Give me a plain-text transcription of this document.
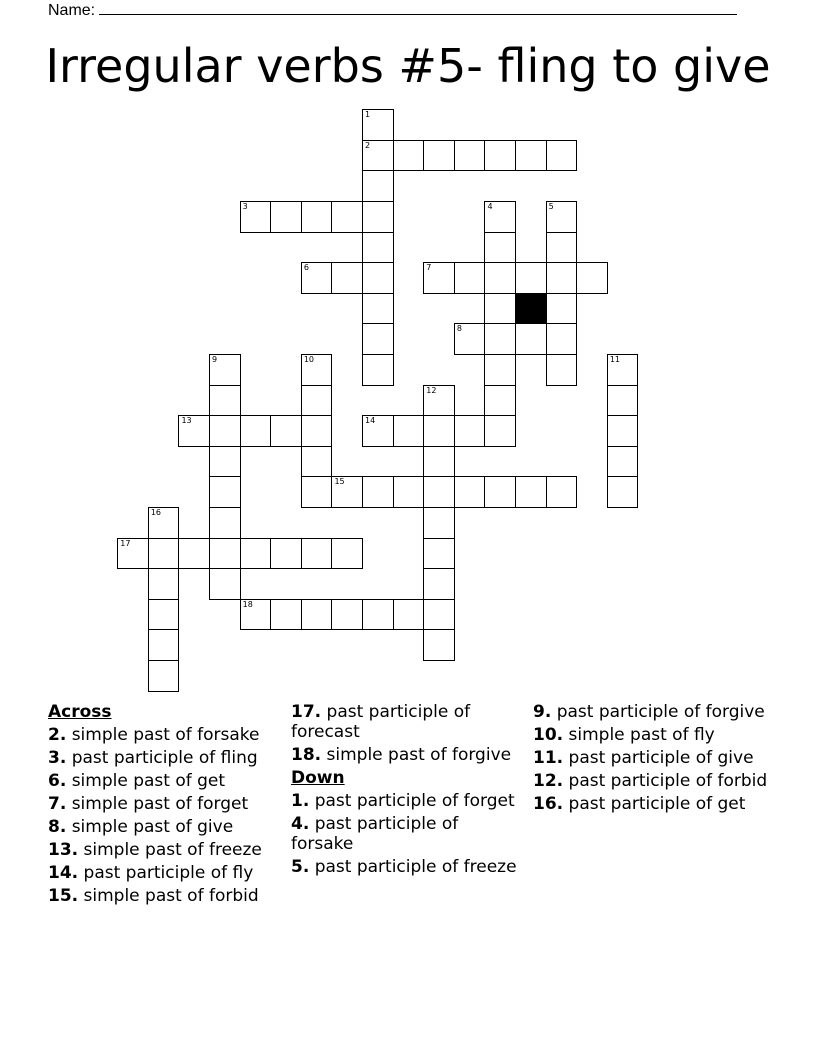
Name:
Irregular verbs #5- fling to give
2
3
6	7
8
13	14
15
17
18
1
4	5
9	10	11
12
16
Across
2. simple past of forsake
3. past participle of fling
6. simple past of get
7. simple past of forget
8. simple past of give
13. simple past of freeze
14. past participle of fly
15. simple past of forbid
17. past participle of forecast
18. simple past of forgive
Down
1. past participle of forget
4. past participle of forsake
5. past participle of freeze
9. past participle of forgive
10. simple past of fly
11. past participle of give
12. past participle of forbid
16. past participle of get
